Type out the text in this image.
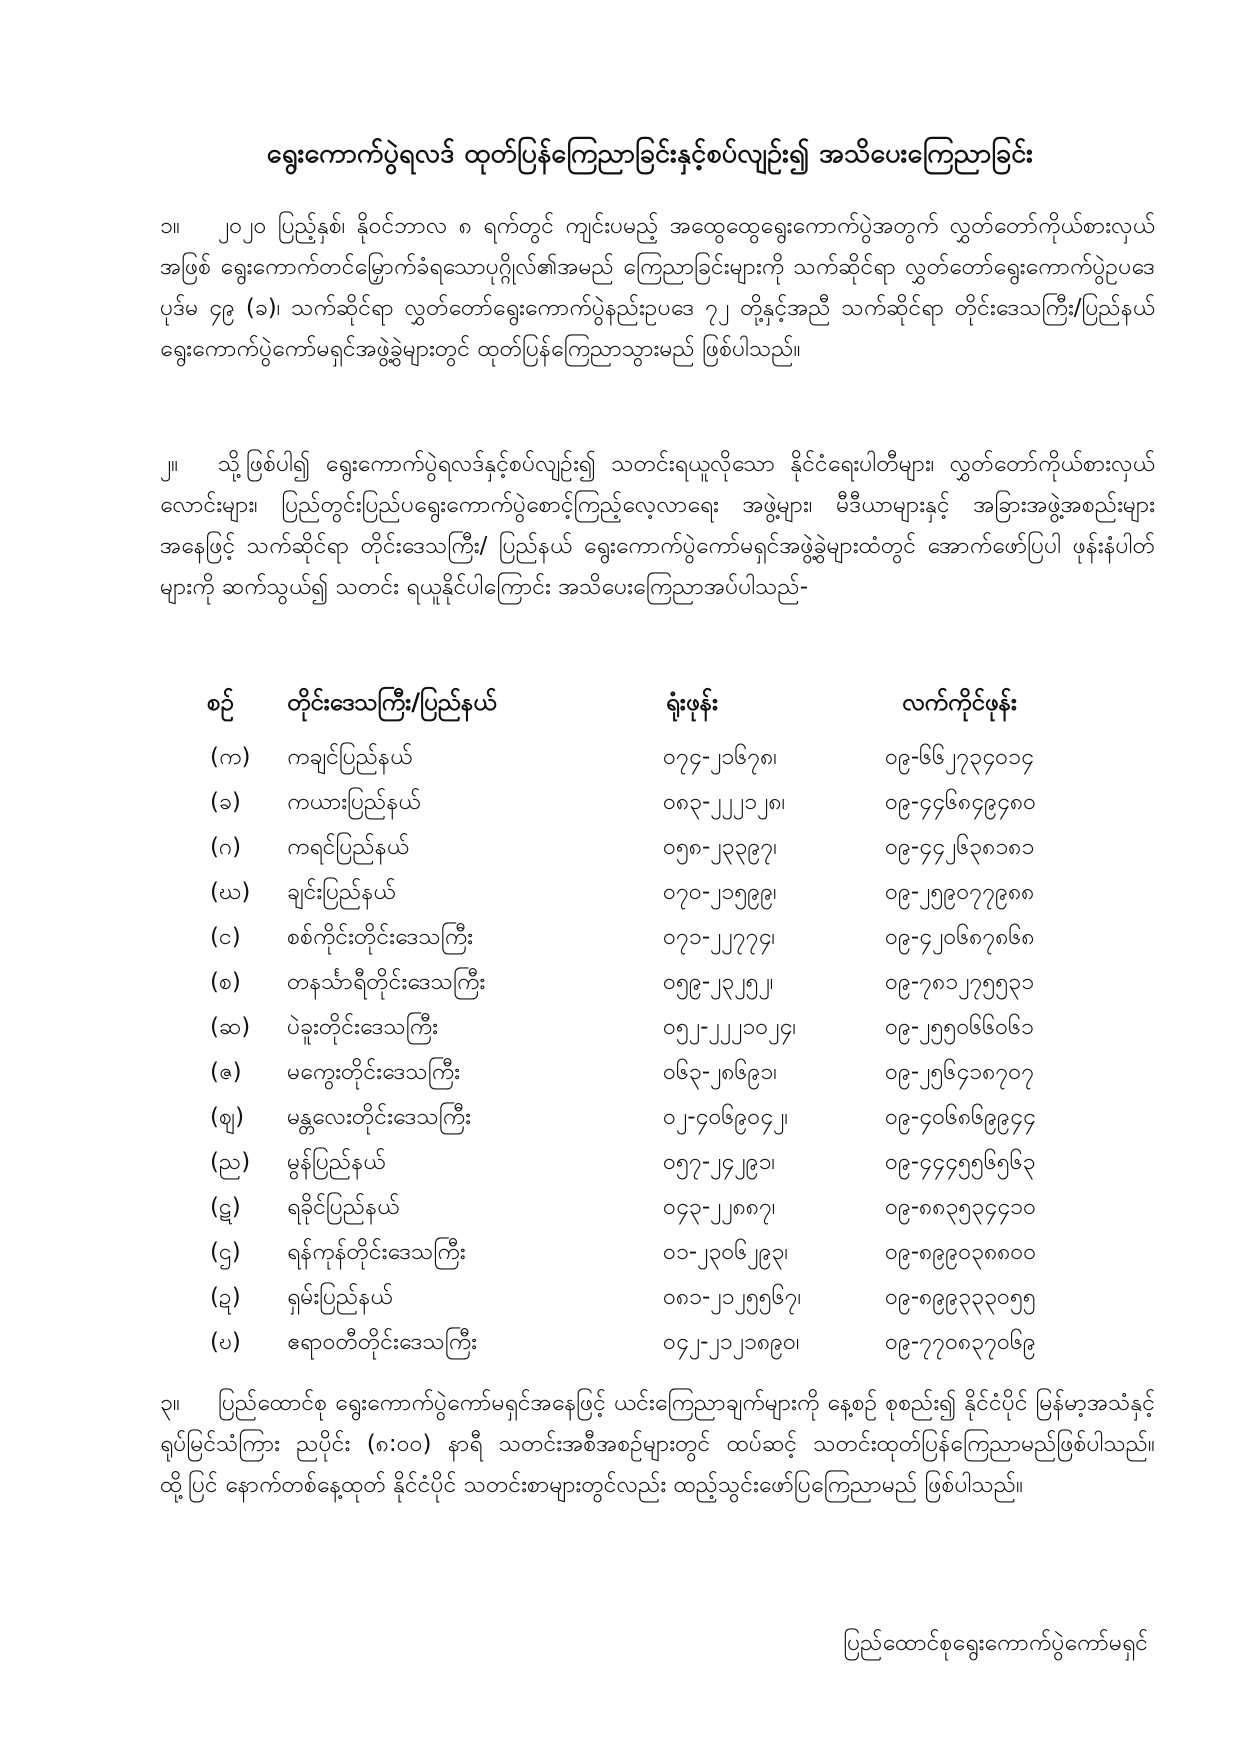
ရွေးကောက်ပွဲရလဒ် ထုတ်ပြန်ကြေညာခြင်းနှင့်စပ်လျဉ်း၍ အသိပေးကြေညာခြင်း
၁။ ၂၀၂၀ ပြည့်နှစ်၊ နိုဝင်ဘာလ ၈ ရက်တွင် ကျင်းပမည့် အထွေထွေရွေးကောက်ပွဲအတွက် လွှတ်တော်ကိုယ်စားလှယ်အဖြစ် ရွေးကောက်တင်မြှောက်ခံရသောပုဂ္ဂိုလ်၏အမည် ကြေညာခြင်းများကို သက်ဆိုင်ရာ လွှတ်တော်ရွေးကောက်ပွဲဥပဒေပုဒ်မ ၄၉ (ခ)၊ သက်ဆိုင်ရာ လွှတ်တော်ရွေးကောက်ပွဲနည်းဥပဒေ ၇၂ တို့နှင့်အညီ သက်ဆိုင်ရာ တိုင်းဒေသကြီး/ပြည်နယ် ရွေးကောက်ပွဲကော်မရှင်အဖွဲ့ခွဲများတွင် ထုတ်ပြန်ကြေညာသွားမည် ဖြစ်ပါသည်။
၂။ သို့ဖြစ်ပါ၍ ရွေးကောက်ပွဲရလဒ်နှင့်စပ်လျဉ်း၍ သတင်းရယူလိုသော နိုင်ငံရေးပါတီများ၊ လွှတ်တော်ကိုယ်စားလှယ်လောင်းများ၊ ပြည်တွင်းပြည်ပရွေးကောက်ပွဲစောင့်ကြည့်လေ့လာရေး အဖွဲ့များ၊ မီဒီယာများနှင့် အခြားအဖွဲ့အစည်းများအနေဖြင့် သက်ဆိုင်ရာ တိုင်းဒေသကြီး/ ပြည်နယ် ရွေးကောက်ပွဲကော်မရှင်အဖွဲ့ခွဲများထံတွင် အောက်ဖော်ပြပါ ဖုန်းနံပါတ်များကို ဆက်သွယ်၍ သတင်း ရယူနိုင်ပါကြောင်း အသိပေးကြေညာအပ်ပါသည်-
စဉ် တိုင်းဒေသကြီး/ပြည်နယ်	ရုံးဖုန်း	လက်ကိုင်ဖုန်း
(က) ကချင်ပြည်နယ်	၀၇၄-၂၁၆၇၈၊	၀၉-၆၆၂၇၃၄၀၁၄
(ခ) ကယားပြည်နယ်	၀၈၃-၂၂၂၁၂၈၊	၀၉-၄၄၆၈၄၉၄၈၀
(ဂ) ကရင်ပြည်နယ်	၀၅၈-၂၃၃၉၇၊	၀၉-၄၄၂၆၃၈၁၈၁
(ဃ) ချင်းပြည်နယ်	၀၇၀-၂၁၅၉၉၊	၀၉-၂၅၉၀၇၇၉၈၈
(င) စစ်ကိုင်းတိုင်းဒေသကြီး	၀၇၁-၂၂၇၇၄၊	၀၉-၄၂၀၆၈၇၈၆၈
(စ) တနင်္သာရီတိုင်းဒေသကြီး	၀၅၉-၂၃၂၅၂၊	၀၉-၇၈၁၂၇၅၅၃၁
(ဆ) ပဲခူးတိုင်းဒေသကြီး	၀၅၂-၂၂၂၁၀၂၄၊	၀၉-၂၅၅၀၆၆၀၆၁
(ဇ) မကွေးတိုင်းဒေသကြီး	၀၆၃-၂၈၆၉၁၊	၀၉-၂၅၆၄၁၈၇၀၇
(ဈ) မန္တလေးတိုင်းဒေသကြီး	၀၂-၄၀၆၉၀၄၂၊	၀၉-၄၀၆၈၆၉၉၄၄
(ည) မွန်ပြည်နယ်	၀၅၇-၂၄၂၉၁၊	၀၉-၄၄၄၅၅၆၅၆၃
(ဋ) ရခိုင်ပြည်နယ်	၀၄၃-၂၂၈၈၇၊	၀၉-၈၈၃၅၃၄၄၁၀
(ဌ) ရန်ကုန်တိုင်းဒေသကြီး	၀၁-၂၃၀၆၂၉၃၊	၀၉-၈၉၉၀၃၈၈၀၀
(ဍ) ရှမ်းပြည်နယ်	၀၈၁-၂၁၂၅၅၆၇၊	၀၉-၈၉၉၃၃၃၀၅၅
(ဎ) ဧရာဝတီတိုင်းဒေသကြီး	၀၄၂-၂၁၂၁၈၉၀၊	၀၉-၇၇၀၈၃၇၀၆၉
၃။ ပြည်ထောင်စု ရွေးကောက်ပွဲကော်မရှင်အနေဖြင့် ယင်းကြေညာချက်များကို နေ့စဉ် စုစည်း၍ နိုင်ငံပိုင် မြန်မာ့အသံနှင့်ရုပ်မြင်သံကြား ညပိုင်း (၈:၀၀) နာရီ သတင်းအစီအစဉ်များတွင် ထပ်ဆင့် သတင်းထုတ်ပြန်ကြေညာမည်ဖြစ်ပါသည်။ ထို့ပြင် နောက်တစ်နေ့ထုတ် နိုင်ငံပိုင် သတင်းစာများတွင်လည်း ထည့်သွင်းဖော်ပြကြေညာမည် ဖြစ်ပါသည်။
ပြည်ထောင်စုရွေးကောက်ပွဲကော်မရှင်
